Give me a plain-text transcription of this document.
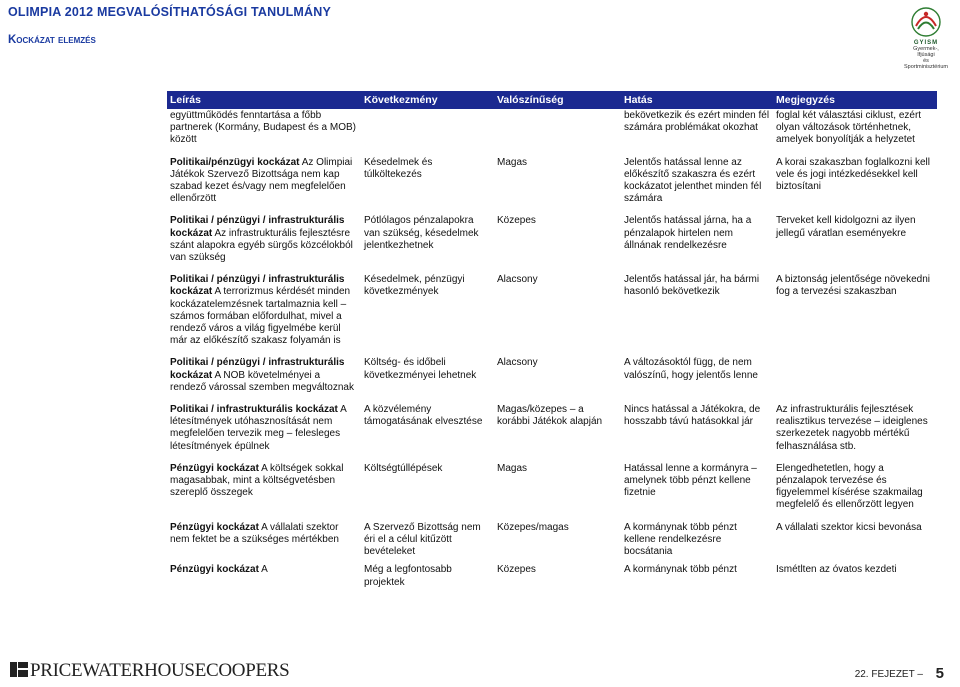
OLIMPIA 2012 MEGVALÓSÍTHATÓSÁGI TANULMÁNY
Kockázat elemzés	GYISM
Gyermek-, Ifjúsági
és Sportminisztérium
Leírás	Következmény	Valószínűség	Hatás	Megjegyzés
együttműködés fenntartása a főbb partnerek (Kormány, Budapest és a MOB) között			bekövetkezik és ezért minden fél számára problémákat okozhat	foglal két választási ciklust, ezért olyan változások történhetnek, amelyek bonyolítják a helyzetet

Politikai/pénzügyi kockázat Az Olimpiai Játékok Szervező Bizottsága nem kap szabad kezet és/vagy nem megfelelően ellenőrzött	Késedelmek és túlköltekezés	Magas	Jelentős hatással lenne az előkészítő szakaszra és ezért kockázatot jelenthet minden fél számára	A korai szakaszban foglalkozni kell vele és jogi intézkedésekkel kell biztosítani

Politikai / pénzügyi / infrastrukturális kockázat Az infrastrukturális fejlesztésre szánt alapokra egyéb sürgős közcélokból van szükség	Pótlólagos pénzalapokra van szükség, késedelmek jelentkezhetnek	Közepes	Jelentős hatással járna, ha a pénzalapok hirtelen nem állnának rendelkezésre	Terveket kell kidolgozni az ilyen jellegű váratlan eseményekre

Politikai / pénzügyi / infrastrukturális kockázat A terrorizmus kérdését minden kockázatelemzésnek tartalmaznia kell – számos formában előfordulhat, mivel a rendező város a világ figyelmébe kerül már az előkészítő szakasz folyamán is	Késedelmek, pénzügyi következmények	Alacsony	Jelentős hatással jár, ha bármi hasonló bekövetkezik	A biztonság jelentősége növekedni fog a tervezési szakaszban

Politikai / pénzügyi / infrastrukturális kockázat A NOB követelményei a rendező várossal szemben megváltoznak	Költség- és időbeli következményei lehetnek	Alacsony	A változásoktól függ, de nem valószínű, hogy jelentős lenne	

Politikai / infrastrukturális kockázat A létesítmények utóhasznosítását nem megfelelően tervezik meg – felesleges létesítmények épülnek	A közvélemény támogatásának elvesztése	Magas/közepes – a korábbi Játékok alapján	Nincs hatással a Játékokra, de hosszabb távú hatásokkal jár	Az infrastrukturális fejlesztések realisztikus tervezése – ideiglenes szerkezetek nagyobb mértékű felhasználása stb.

Pénzügyi kockázat A költségek sokkal magasabbak, mint a költségvetésben szereplő összegek	Költségtúllépések	Magas	Hatással lenne a kormányra – amelynek több pénzt kellene fizetnie	Elengedhetetlen, hogy a pénzalapok tervezése és figyelemmel kísérése szakmailag megfelelő és ellenőrzött legyen

Pénzügyi kockázat A vállalati szektor nem fektet be a szükséges mértékben	A Szervező Bizottság nem éri el a célul kitűzött bevételeket	Közepes/magas	A kormánynak több pénzt kellene rendelkezésre bocsátania	A vállalati szektor kicsi bevonása

Pénzügyi kockázat A	Még a legfontosabb projektek	Közepes	A kormánynak több pénzt	Ismétlten az óvatos kezdeti
PRICEWATERHOUSECOOPERS	22. FEJEZET – 5
